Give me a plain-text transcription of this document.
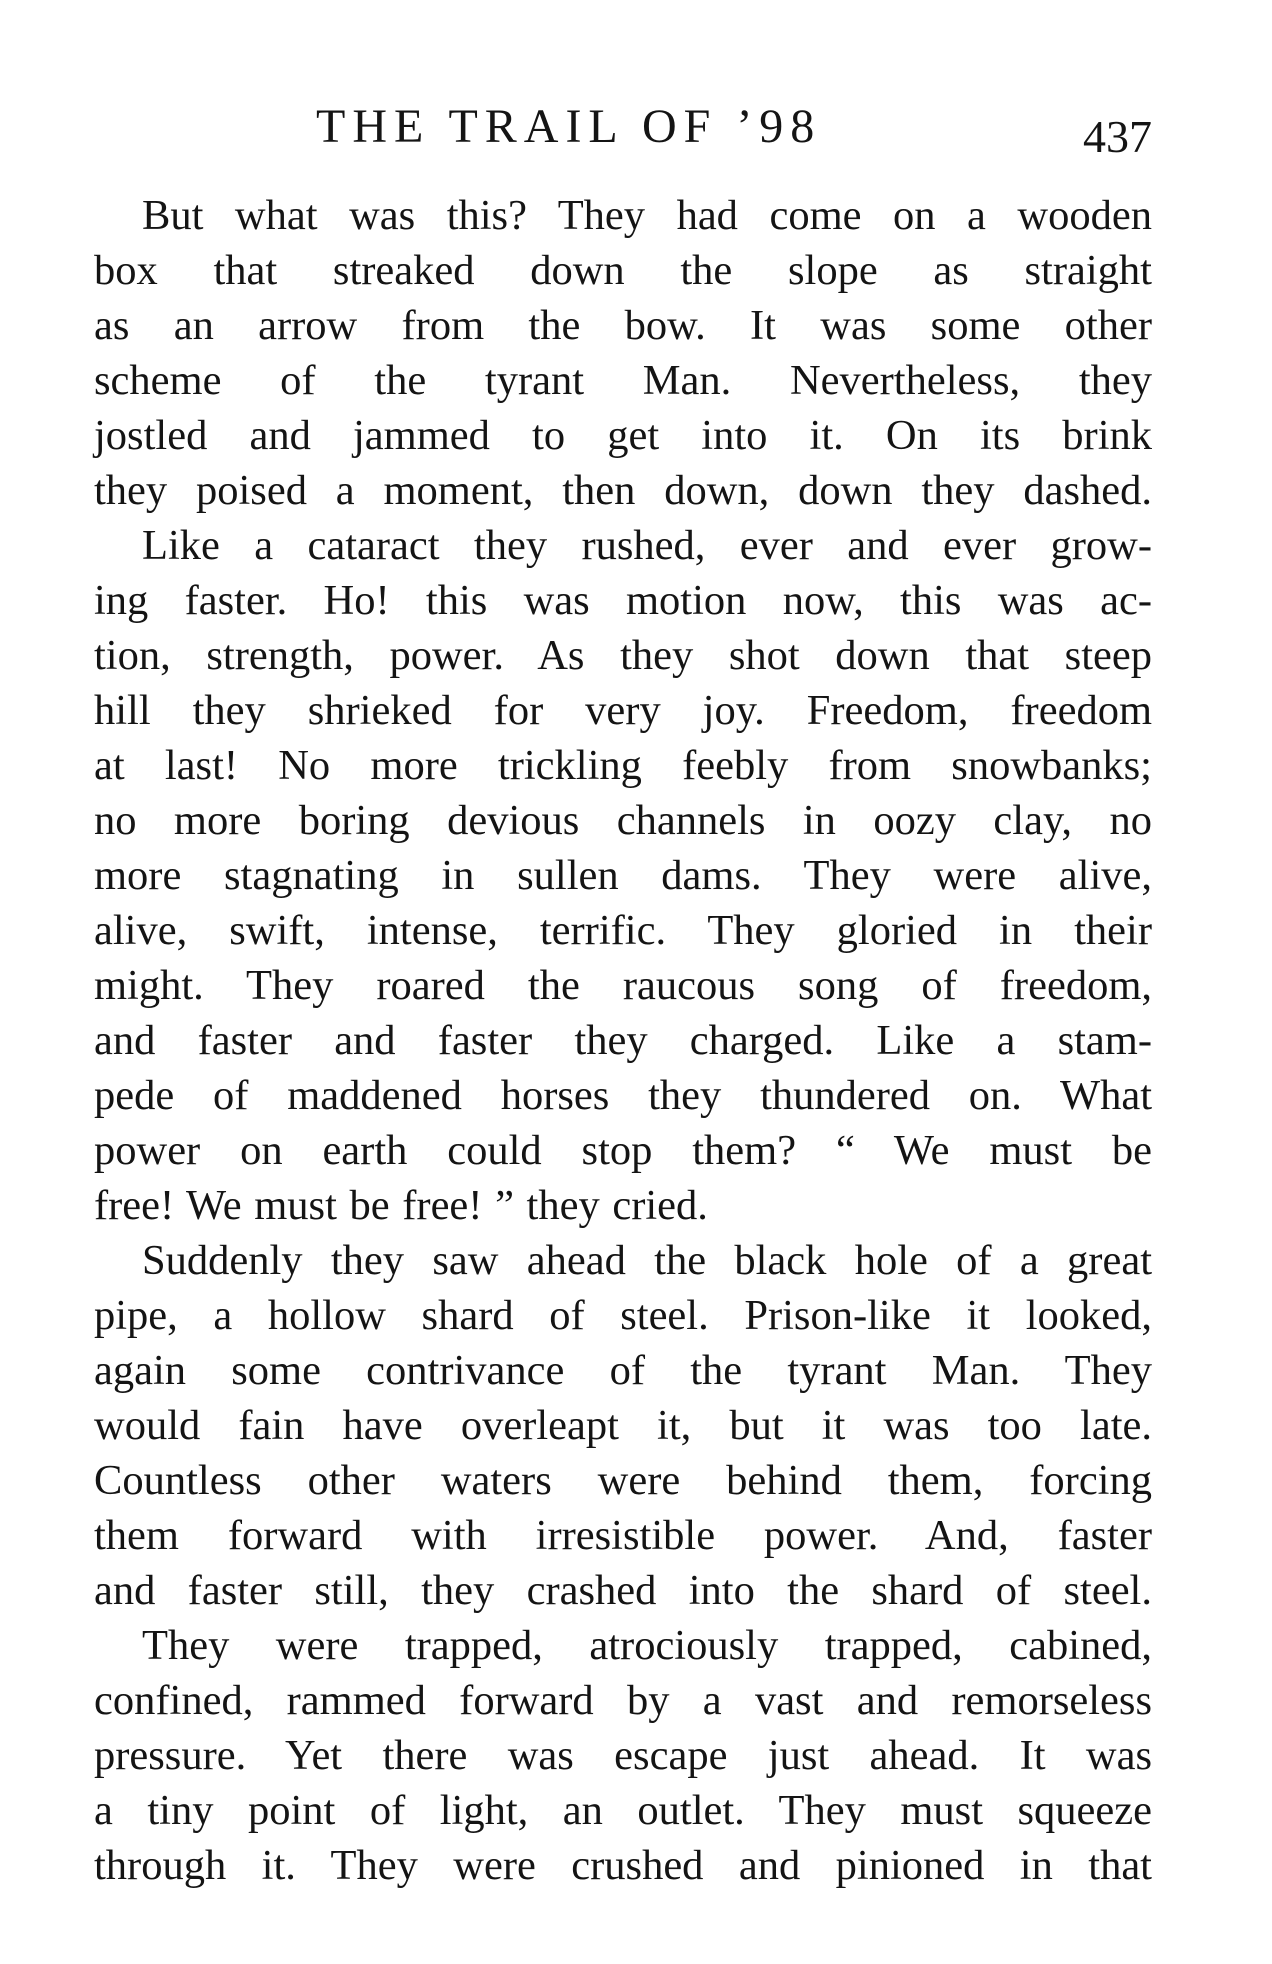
THE TRAIL OF ’98	437

But what was this? They had come on a wooden
box that streaked down the slope as straight
as an arrow from the bow. It was some other
scheme of the tyrant Man. Nevertheless, they
jostled and jammed to get into it. On its brink
they poised a moment, then down, down they dashed.

Like a cataract they rushed, ever and ever grow-
ing faster. Ho! this was motion now, this was ac-
tion, strength, power. As they shot down that steep
hill they shrieked for very joy. Freedom, freedom
at last! No more trickling feebly from snowbanks;
no more boring devious channels in oozy clay, no
more stagnating in sullen dams. They were alive,
alive, swift, intense, terrific. They gloried in their
might. They roared the raucous song of freedom,
and faster and faster they charged. Like a stam-
pede of maddened horses they thundered on. What
power on earth could stop them? “ We must be
free! We must be free! ” they cried.

Suddenly they saw ahead the black hole of a great
pipe, a hollow shard of steel. Prison-like it looked,
again some contrivance of the tyrant Man. They
would fain have overleapt it, but it was too late.
Countless other waters were behind them, forcing
them forward with irresistible power. And, faster
and faster still, they crashed into the shard of steel.

They were trapped, atrociously trapped, cabined,
confined, rammed forward by a vast and remorseless
pressure. Yet there was escape just ahead. It was
a tiny point of light, an outlet. They must squeeze
through it. They were crushed and pinioned in that
